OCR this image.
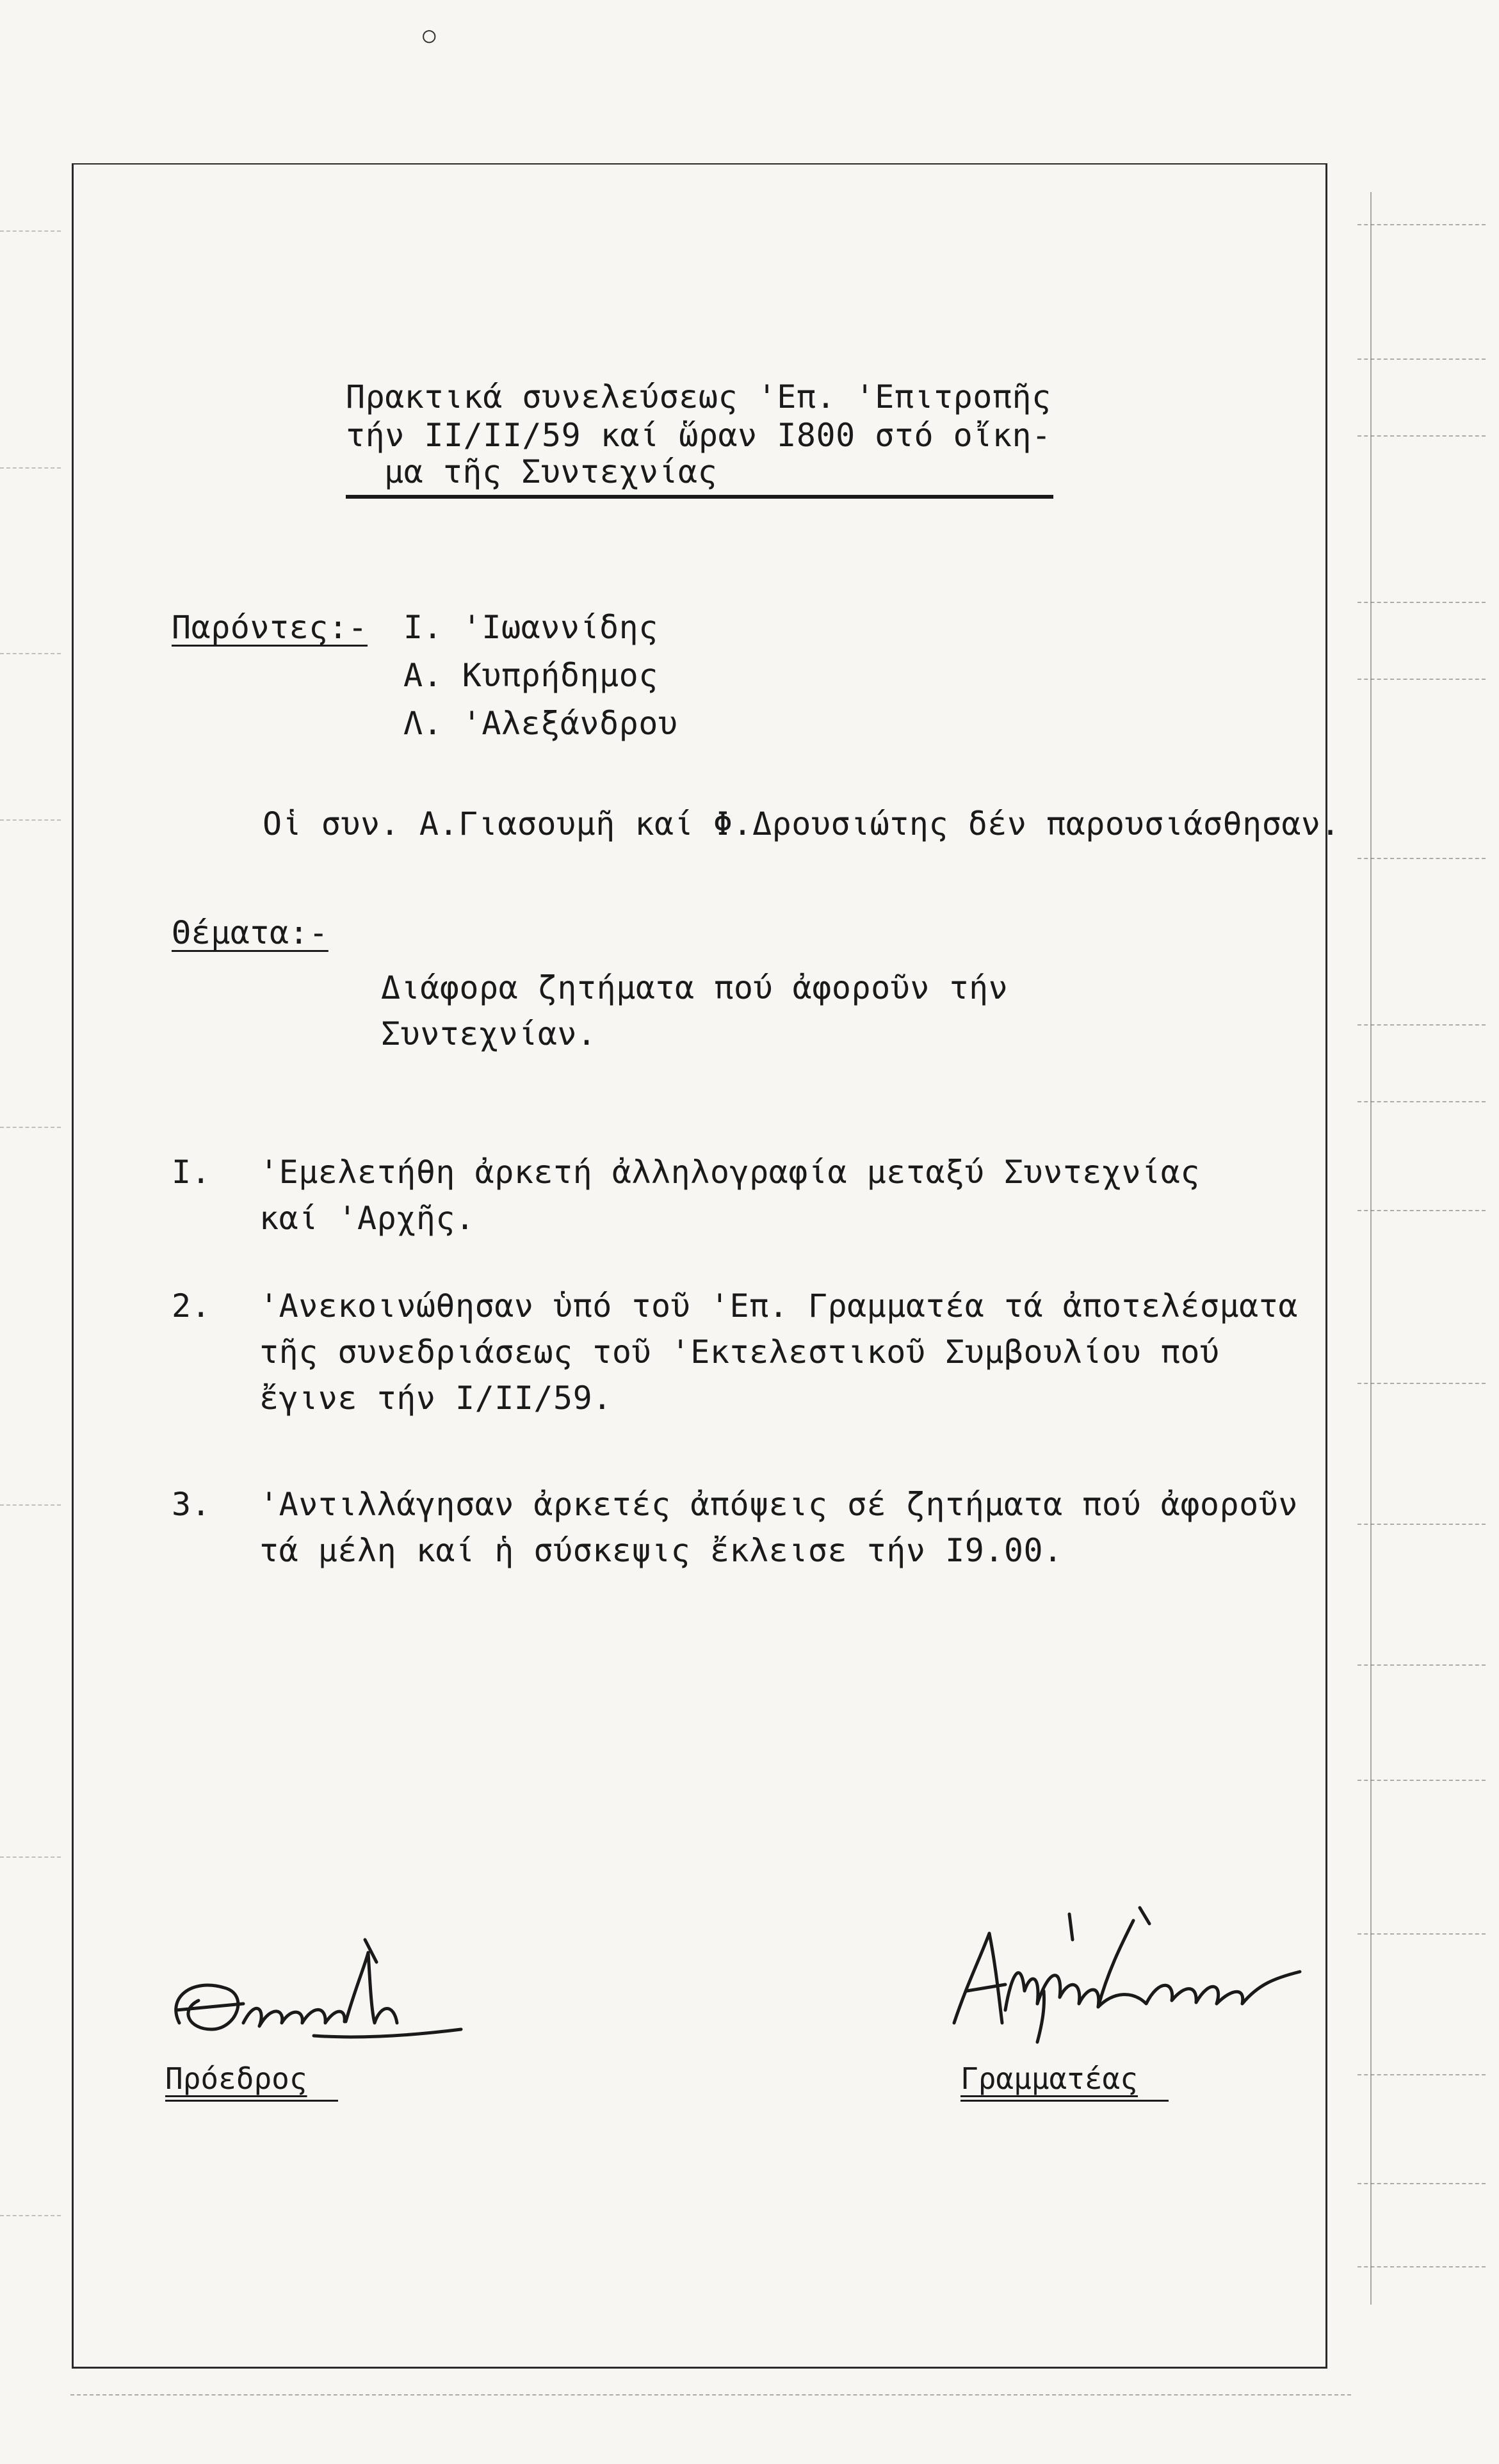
○
Πρακτικά συνελεύσεως 'Επ. 'Επιτροπῆς
τήν ΙΙ/ΙΙ/59 καί ὥραν Ι800 στό οἴκη-
μα τῆς Συντεχνίας
Παρόντες:- Ι. 'Ιωαννίδης
Α. Κυπρήδημος
Λ. 'Αλεξάνδρου
Οἱ συν. Α.Γιασουμῆ καί Φ.Δρουσιώτης δέν παρουσιάσθησαν.
Θέματα:-
Διάφορα ζητήματα πού ἀφοροῦν τήν
Συντεχνίαν.
Ι. 'Εμελετήθη ἀρκετή ἀλληλογραφία μεταξύ Συντεχνίας
καί 'Αρχῆς.
2. 'Ανεκοινώθησαν ὑπό τοῦ 'Επ. Γραμματέα τά ἀποτελέσματα
τῆς συνεδριάσεως τοῦ 'Εκτελεστικοῦ Συμβουλίου πού
ἔγινε τήν Ι/ΙΙ/59.
3. 'Αντιλλάγησαν ἀρκετές ἀπόψεις σέ ζητήματα πού ἀφοροῦν
τά μέλη καί ἡ σύσκεψις ἔκλεισε τήν Ι9.00.
Πρόεδρος	Γραμματέας
